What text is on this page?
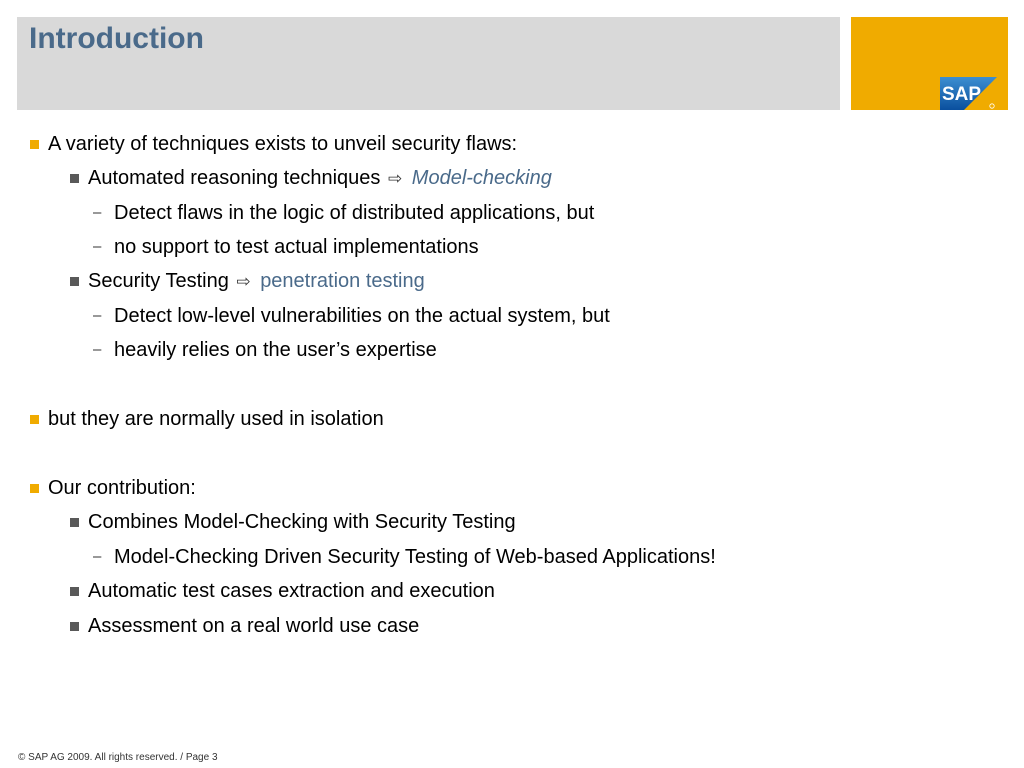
Introduction
SAP
A variety of techniques exists to unveil security flaws:
Automated reasoning techniques ⇨ Model-checking
– Detect flaws in the logic of distributed applications, but
– no support to test actual implementations
Security Testing ⇨ penetration testing
– Detect low-level vulnerabilities on the actual system, but
– heavily relies on the user’s expertise
but they are normally used in isolation
Our contribution:
Combines Model-Checking with Security Testing
– Model-Checking Driven Security Testing of Web-based Applications!
Automatic test cases extraction and execution
Assessment on a real world use case
© SAP AG 2009. All rights reserved. / Page 3
